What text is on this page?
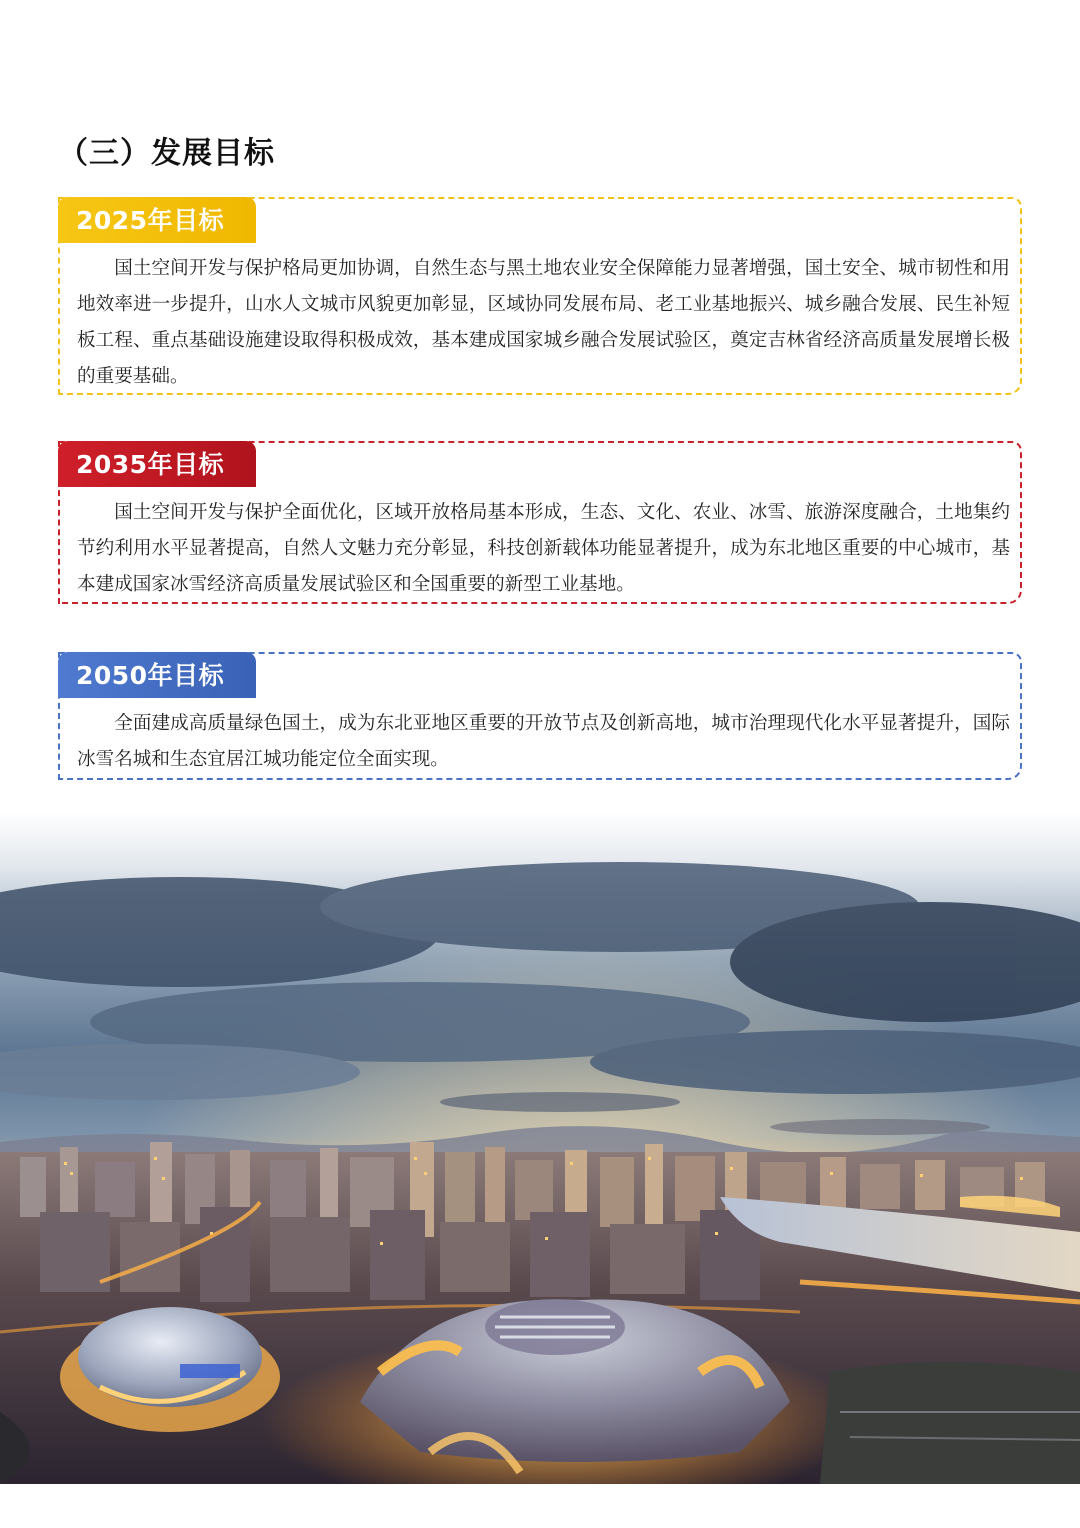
（三）发展目标
2025年目标

国土空间开发与保护格局更加协调，自然生态与黑土地农业安全保障能力显著增强，国土安全、城市韧性和用地效率进一步提升，山水人文城市风貌更加彰显，区域协同发展布局、老工业基地振兴、城乡融合发展、民生补短板工程、重点基础设施建设取得积极成效，基本建成国家城乡融合发展试验区，奠定吉林省经济高质量发展增长极的重要基础。

2035年目标

国土空间开发与保护全面优化，区域开放格局基本形成，生态、文化、农业、冰雪、旅游深度融合，土地集约节约利用水平显著提高，自然人文魅力充分彰显，科技创新载体功能显著提升，成为东北地区重要的中心城市，基本建成国家冰雪经济高质量发展试验区和全国重要的新型工业基地。

2050年目标

全面建成高质量绿色国土，成为东北亚地区重要的开放节点及创新高地，城市治理现代化水平显著提升，国际冰雪名城和生态宜居江城功能定位全面实现。
